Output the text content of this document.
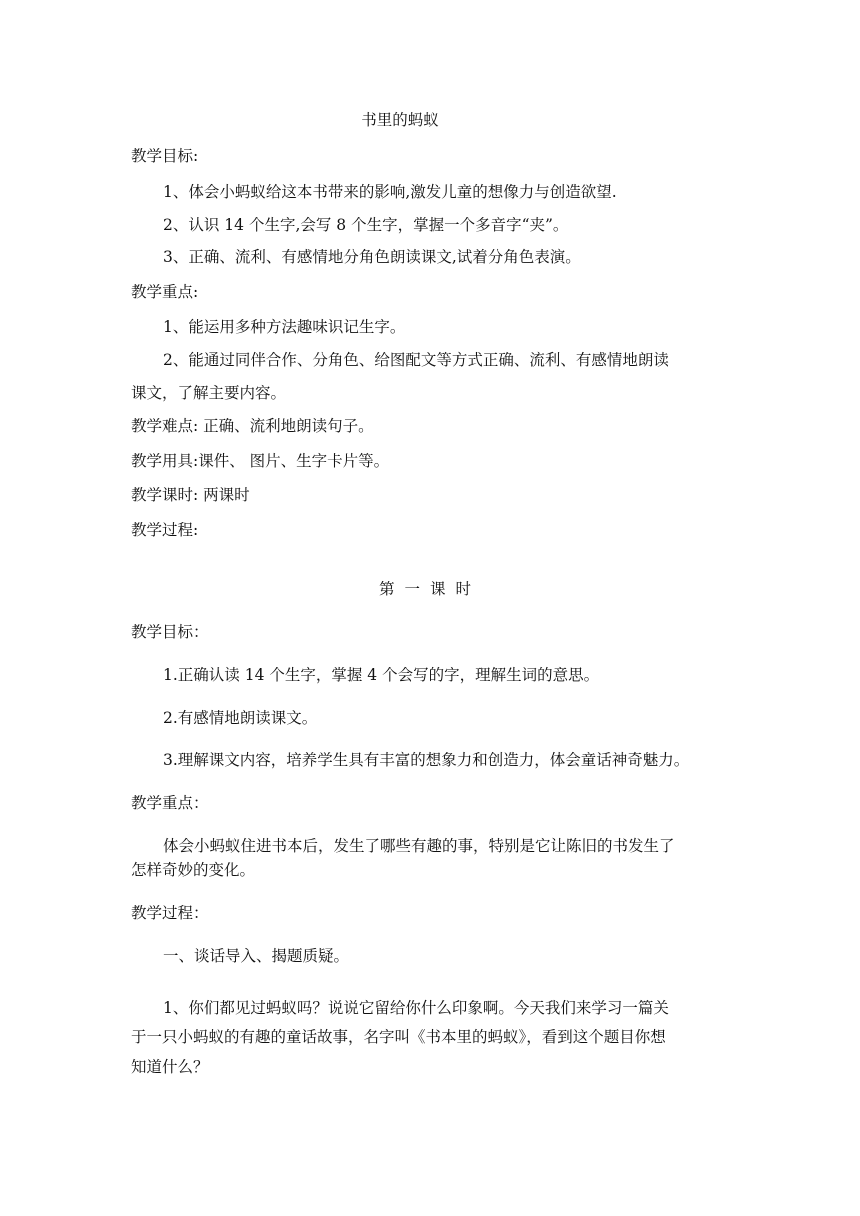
书里的蚂蚁
教学目标:
1、体会小蚂蚁给这本书带来的影响,激发儿童的想像力与创造欲望.
2、认识 14 个生字,会写 8 个生字，掌握一个多音字“夹”。
3、正确、流利、有感情地分角色朗读课文,试着分角色表演。
教学重点:
1、能运用多种方法趣味识记生字。
2、能通过同伴合作、分角色、给图配文等方式正确、流利、有感情地朗读
课文，了解主要内容。
教学难点: 正确、流利地朗读句子。
教学用具:课件、 图片、生字卡片等。
教学课时: 两课时
教学过程:
第一课时
教学目标：
1.正确认读 14 个生字，掌握 4 个会写的字，理解生词的意思。
2.有感情地朗读课文。
3.理解课文内容，培养学生具有丰富的想象力和创造力，体会童话神奇魅力。
教学重点：
体会小蚂蚁住进书本后，发生了哪些有趣的事，特别是它让陈旧的书发生了
怎样奇妙的变化。
教学过程：
一、谈话导入、揭题质疑。
1、你们都见过蚂蚁吗？说说它留给你什么印象啊。今天我们来学习一篇关
于一只小蚂蚁的有趣的童话故事，名字叫《书本里的蚂蚁》，看到这个题目你想
知道什么？
